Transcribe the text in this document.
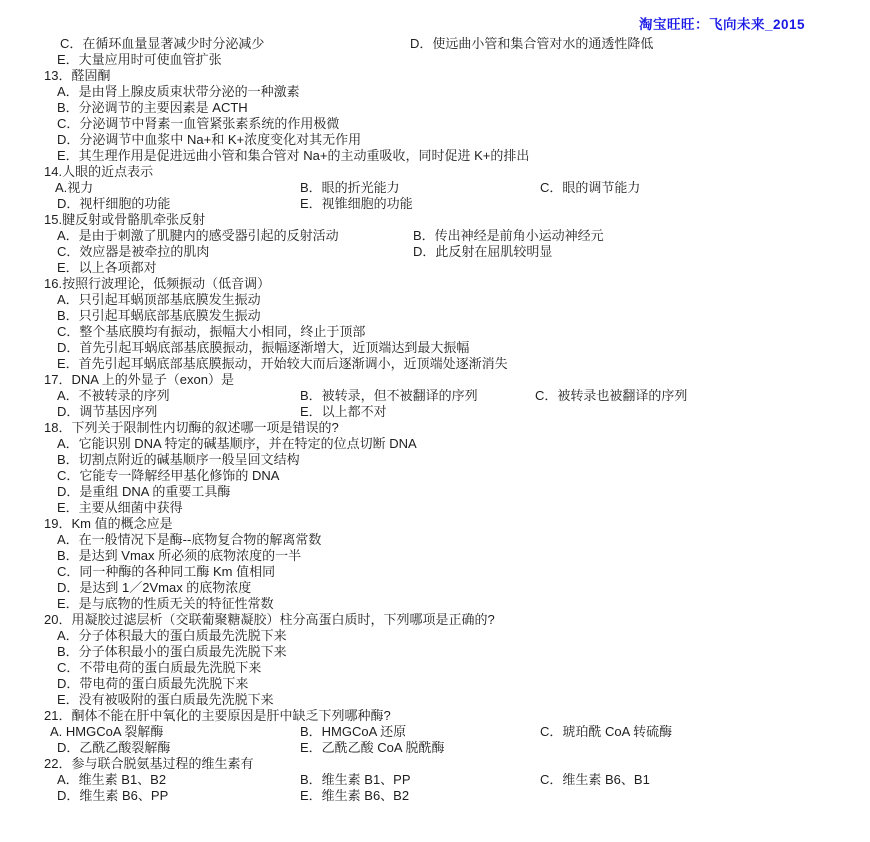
淘宝旺旺：飞向未来_2015
C．在循环血量显著减少时分泌减少	D．使远曲小管和集合管对水的通透性降低
E．大量应用时可使血管扩张
13．醛固酮
A．是由肾上腺皮质束状带分泌的一种激素
B．分泌调节的主要因素是 ACTH
C．分泌调节中肾素一血管紧张素系统的作用极微
D．分泌调节中血浆中 Na+和 K+浓度变化对其无作用
E．其生理作用是促进远曲小管和集合管对 Na+的主动重吸收，同时促进 K+的排出
14.人眼的近点表示
A.视力	B．眼的折光能力	C．眼的调节能力
D．视杆细胞的功能	E．视锥细胞的功能
15.腱反射或骨骼肌牵张反射
A．是由于刺激了肌腱内的感受器引起的反射活动	B．传出神经是前角小运动神经元
C．效应器是被牵拉的肌肉	D．此反射在屈肌较明显
E．以上各项都对
16.按照行波理论，低频振动（低音调）
A．只引起耳蜗顶部基底膜发生振动
B．只引起耳蜗底部基底膜发生振动
C．整个基底膜均有振动，振幅大小相同，终止于顶部
D．首先引起耳蜗底部基底膜振动，振幅逐渐增大，近顶端达到最大振幅
E．首先引起耳蜗底部基底膜振动，开始较大而后逐渐调小，近顶端处逐渐消失
17．DNA 上的外显子（exon）是
A．不被转录的序列	B．被转录，但不被翻译的序列	C．被转录也被翻译的序列
D．调节基因序列	E．以上都不对
18．下列关于限制性内切酶的叙述哪一项是错误的?
A．它能识别 DNA 特定的碱基顺序，并在特定的位点切断 DNA
B．切割点附近的碱基顺序一般呈回文结构
C．它能专一降解经甲基化修饰的 DNA
D．是重组 DNA 的重要工具酶
E．主要从细菌中获得
19．Km 值的概念应是
A．在一般情况下是酶--底物复合物的解离常数
B．是达到 Vmax 所必须的底物浓度的一半
C．同一种酶的各种同工酶 Km 值相同
D．是达到 1／2Vmax 的底物浓度
E．是与底物的性质无关的特征性常数
20．用凝胶过滤层析（交联葡聚糖凝胶）柱分高蛋白质时，下列哪项是正确的?
A．分子体积最大的蛋白质最先洗脱下来
B．分子体积最小的蛋白质最先洗脱下来
C．不带电荷的蛋白质最先洗脱下来
D．带电荷的蛋白质最先洗脱下来
E．没有被吸附的蛋白质最先洗脱下来
21．酮体不能在肝中氧化的主要原因是肝中缺乏下列哪种酶?
A. HMGCoA 裂解酶	B．HMGCoA 还原	C．琥珀酰 CoA 转硫酶
D．乙酰乙酸裂解酶	E．乙酰乙酸 CoA 脱酰酶
22．参与联合脱氨基过程的维生素有
A．维生素 B1、B2	B．维生素 B1、PP	C．维生素 B6、B1
D．维生素 B6、PP	E．维生素 B6、B2
